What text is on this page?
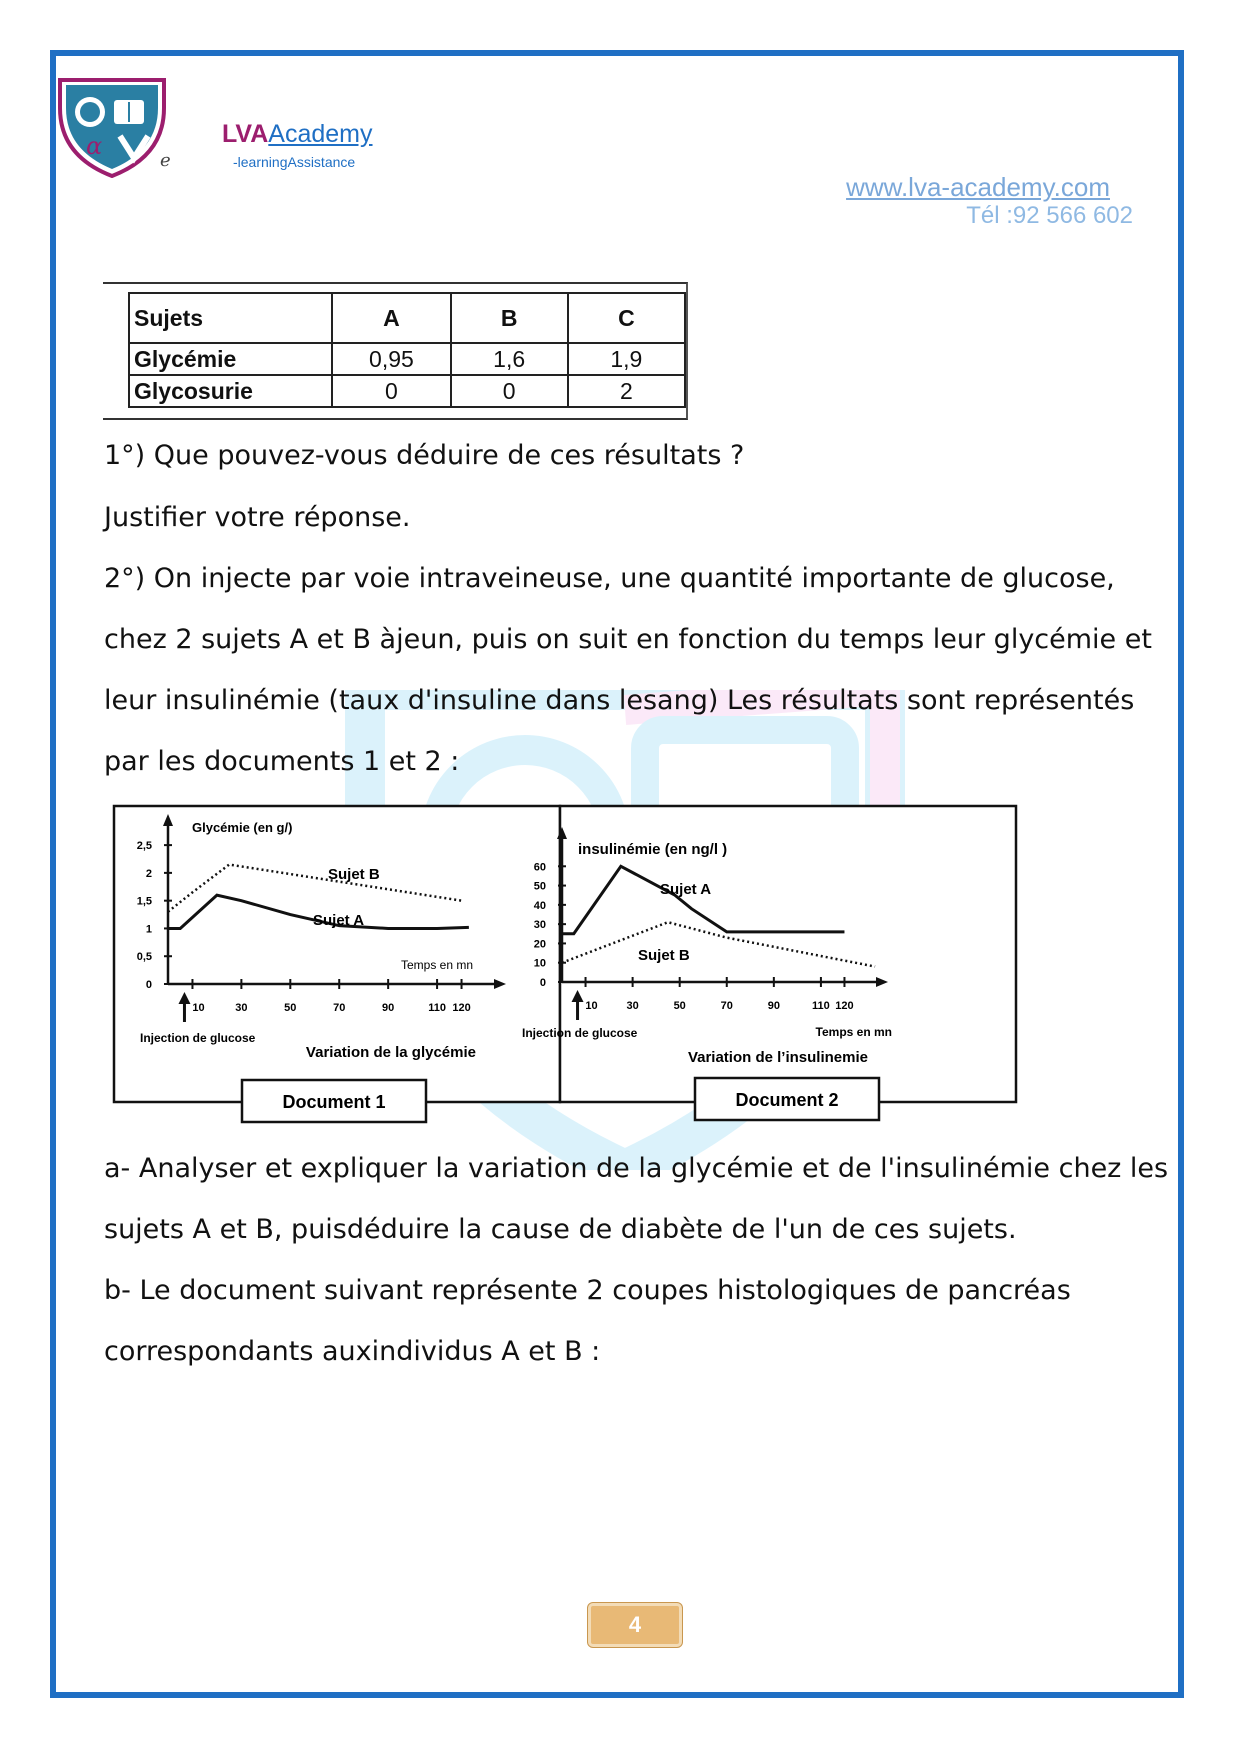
α
e
LVAAcademy
-learningAssistance
www.lva-academy.com
Tél :92 566 602
Sujets	A	B	C
Glycémie	0,95	1,6	1,9
Glycosurie	0	0	2
1°) Que pouvez-vous déduire de ces résultats ?
Justifier votre réponse.
2°) On injecte par voie intraveineuse, une quantité importante de glucose,
chez 2 sujets A et B àjeun, puis on suit en fonction du temps leur glycémie et
leur insulinémie (taux d'insuline dans lesang) Les résultats sont représentés
par les documents 1 et 2 :
0
0,5
1
1,5
2
2,5
10	30	50	70	90	110 120
Injection de glucose
Glycémie (en g/)
Temps en mn
Variation de la glycémie
Sujet B
Sujet A
0
10
20
30
40
50
60
10	30	50	70	90	110 120
Injection de glucose
insulinémie (en ng/l )
Temps en mn
Variation de l’insulinemie
Sujet A
Sujet B
Document 1	Document 2
a- Analyser et expliquer la variation de la glycémie et de l'insulinémie chez les
sujets A et B, puisdéduire la cause de diabète de l'un de ces sujets.
b- Le document suivant représente 2 coupes histologiques de pancréas
correspondants auxindividus A et B :
4
